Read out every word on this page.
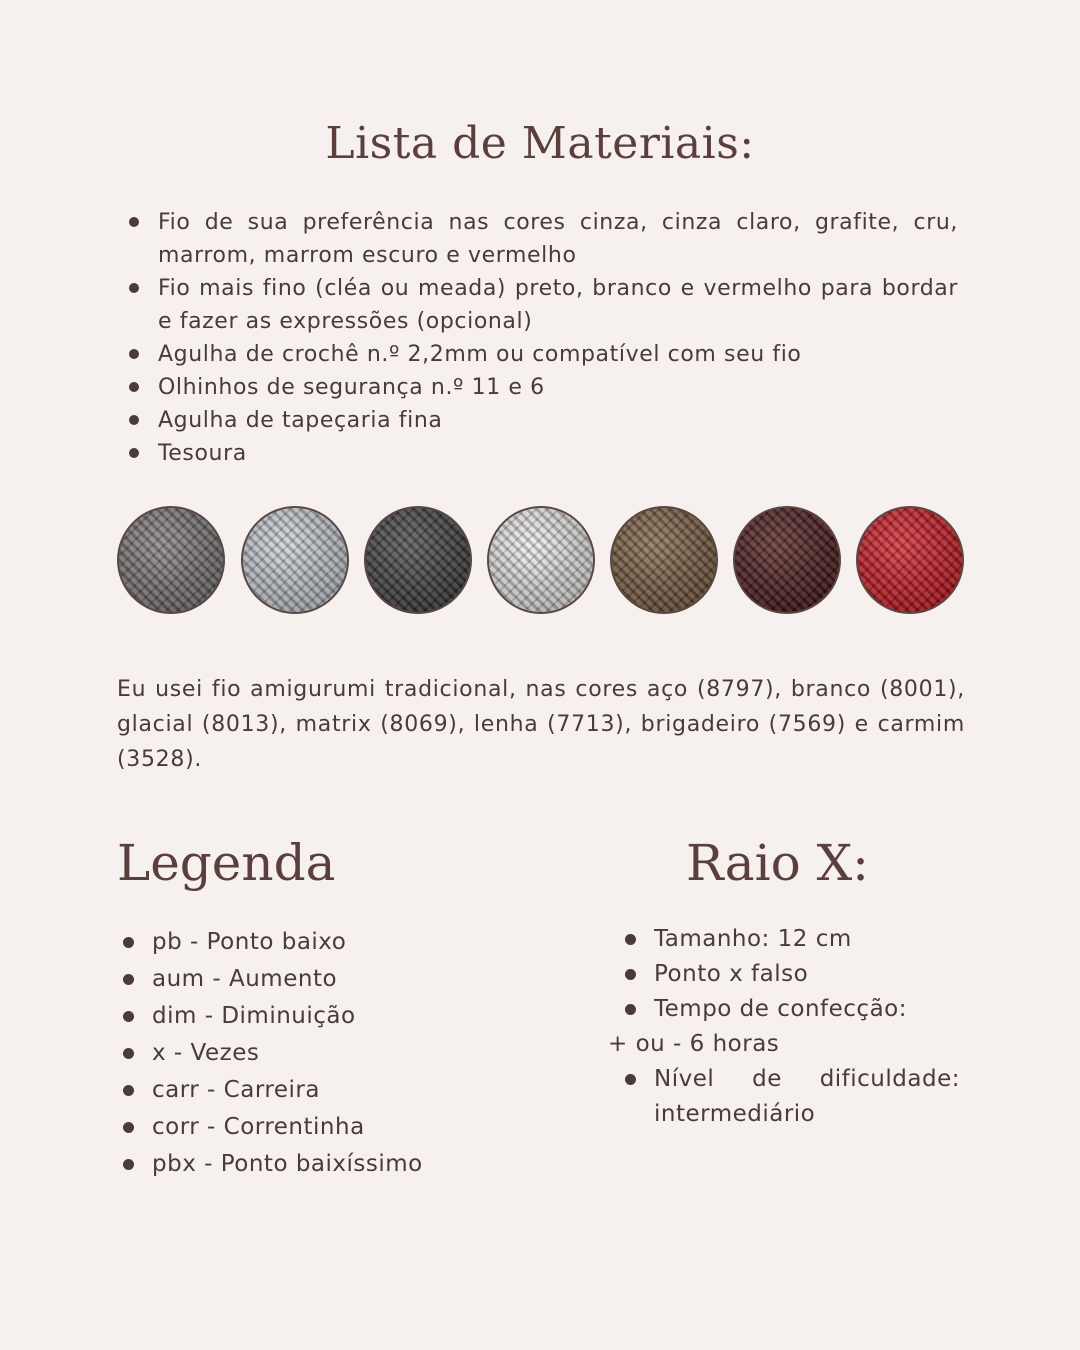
Lista de Materiais:
Fio de sua preferência nas cores cinza, cinza claro, grafite, cru, marrom, marrom escuro e vermelho
Fio mais fino (cléa ou meada) preto, branco e vermelho para bordar e fazer as expressões (opcional)
Agulha de crochê n.º 2,2mm ou compatível com seu fio
Olhinhos de segurança n.º 11 e 6
Agulha de tapeçaria fina
Tesoura
Eu usei fio amigurumi tradicional, nas cores aço (8797), branco (8001), glacial (8013), matrix (8069), lenha (7713), brigadeiro (7569) e carmim (3528).
Legenda	Raio X:
pb - Ponto baixo
aum - Aumento
dim - Diminuição
x - Vezes
carr - Carreira
corr - Correntinha
pbx - Ponto baixíssimo
Tamanho: 12 cm
Ponto x falso
Tempo de confecção:
+ ou - 6 horas
Nível de dificuldade:
intermediário
